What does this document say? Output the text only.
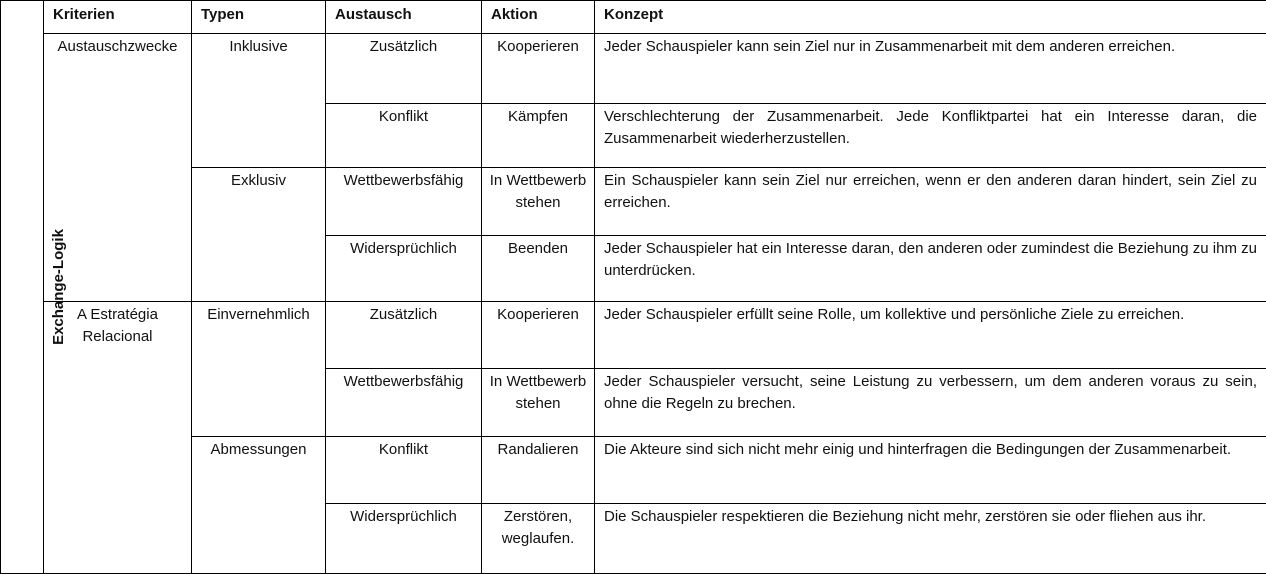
Exchange-Logik	Kriterien	Typen	Austausch	Aktion	Konzept
	Austauschzwecke	Inklusive	Zusätzlich	Kooperieren	Jeder Schauspieler kann sein Ziel nur in Zusammenarbeit mit dem anderen erreichen.
			Konflikt	Kämpfen	Verschlechterung der Zusammenarbeit. Jede Konfliktpartei hat ein Interesse daran, die Zusammenarbeit wiederherzustellen.
		Exklusiv	Wettbewerbsfähig	In Wettbewerb stehen	Ein Schauspieler kann sein Ziel nur erreichen, wenn er den anderen daran hindert, sein Ziel zu erreichen.
			Widersprüchlich	Beenden	Jeder Schauspieler hat ein Interesse daran, den anderen oder zumindest die Beziehung zu ihm zu unterdrücken.
	A Estratégia Relacional	Einvernehmlich	Zusätzlich	Kooperieren	Jeder Schauspieler erfüllt seine Rolle, um kollektive und persönliche Ziele zu erreichen.
			Wettbewerbsfähig	In Wettbewerb stehen	Jeder Schauspieler versucht, seine Leistung zu verbessern, um dem anderen voraus zu sein, ohne die Regeln zu brechen.
		Abmessungen	Konflikt	Randalieren	Die Akteure sind sich nicht mehr einig und hinterfragen die Bedingungen der Zusammenarbeit.
			Widersprüchlich	Zerstören, weglaufen.	Die Schauspieler respektieren die Beziehung nicht mehr, zerstören sie oder fliehen aus ihr.
